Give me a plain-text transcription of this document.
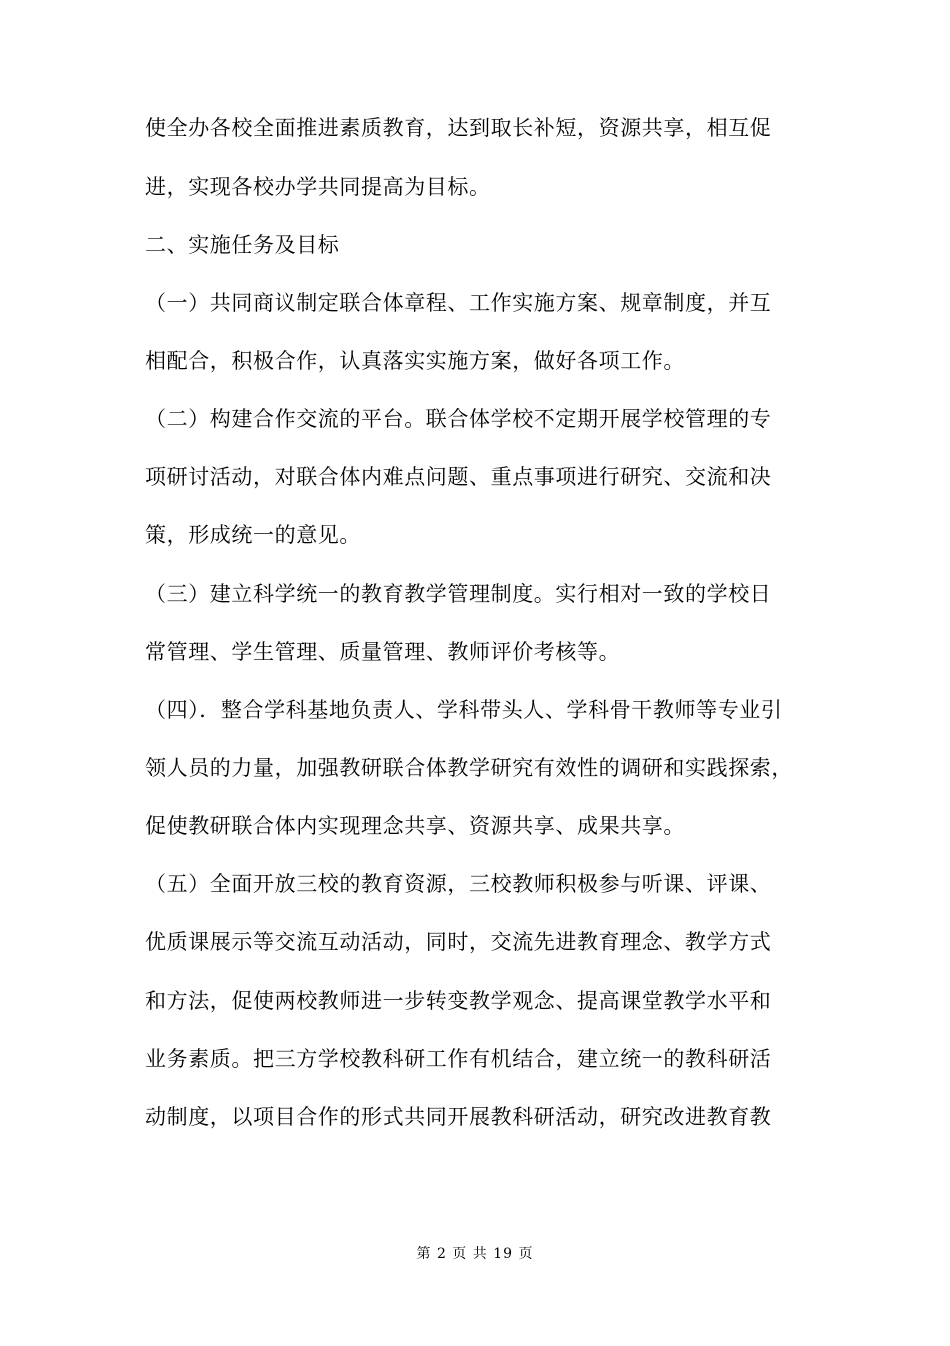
使全办各校全面推进素质教育，达到取长补短，资源共享，相互促
进，实现各校办学共同提高为目标。
二、实施任务及目标
（一）共同商议制定联合体章程、工作实施方案、规章制度，并互
相配合，积极合作，认真落实实施方案，做好各项工作。
（二）构建合作交流的平台。联合体学校不定期开展学校管理的专
项研讨活动，对联合体内难点问题、重点事项进行研究、交流和决
策，形成统一的意见。
（三）建立科学统一的教育教学管理制度。实行相对一致的学校日
常管理、学生管理、质量管理、教师评价考核等。
（四）．整合学科基地负责人、学科带头人、学科骨干教师等专业引
领人员的力量，加强教研联合体教学研究有效性的调研和实践探索，
促使教研联合体内实现理念共享、资源共享、成果共享。
（五）全面开放三校的教育资源，三校教师积极参与听课、评课、
优质课展示等交流互动活动，同时，交流先进教育理念、教学方式
和方法，促使两校教师进一步转变教学观念、提高课堂教学水平和
业务素质。把三方学校教科研工作有机结合，建立统一的教科研活
动制度，以项目合作的形式共同开展教科研活动，研究改进教育教
第 2 页 共 19 页
